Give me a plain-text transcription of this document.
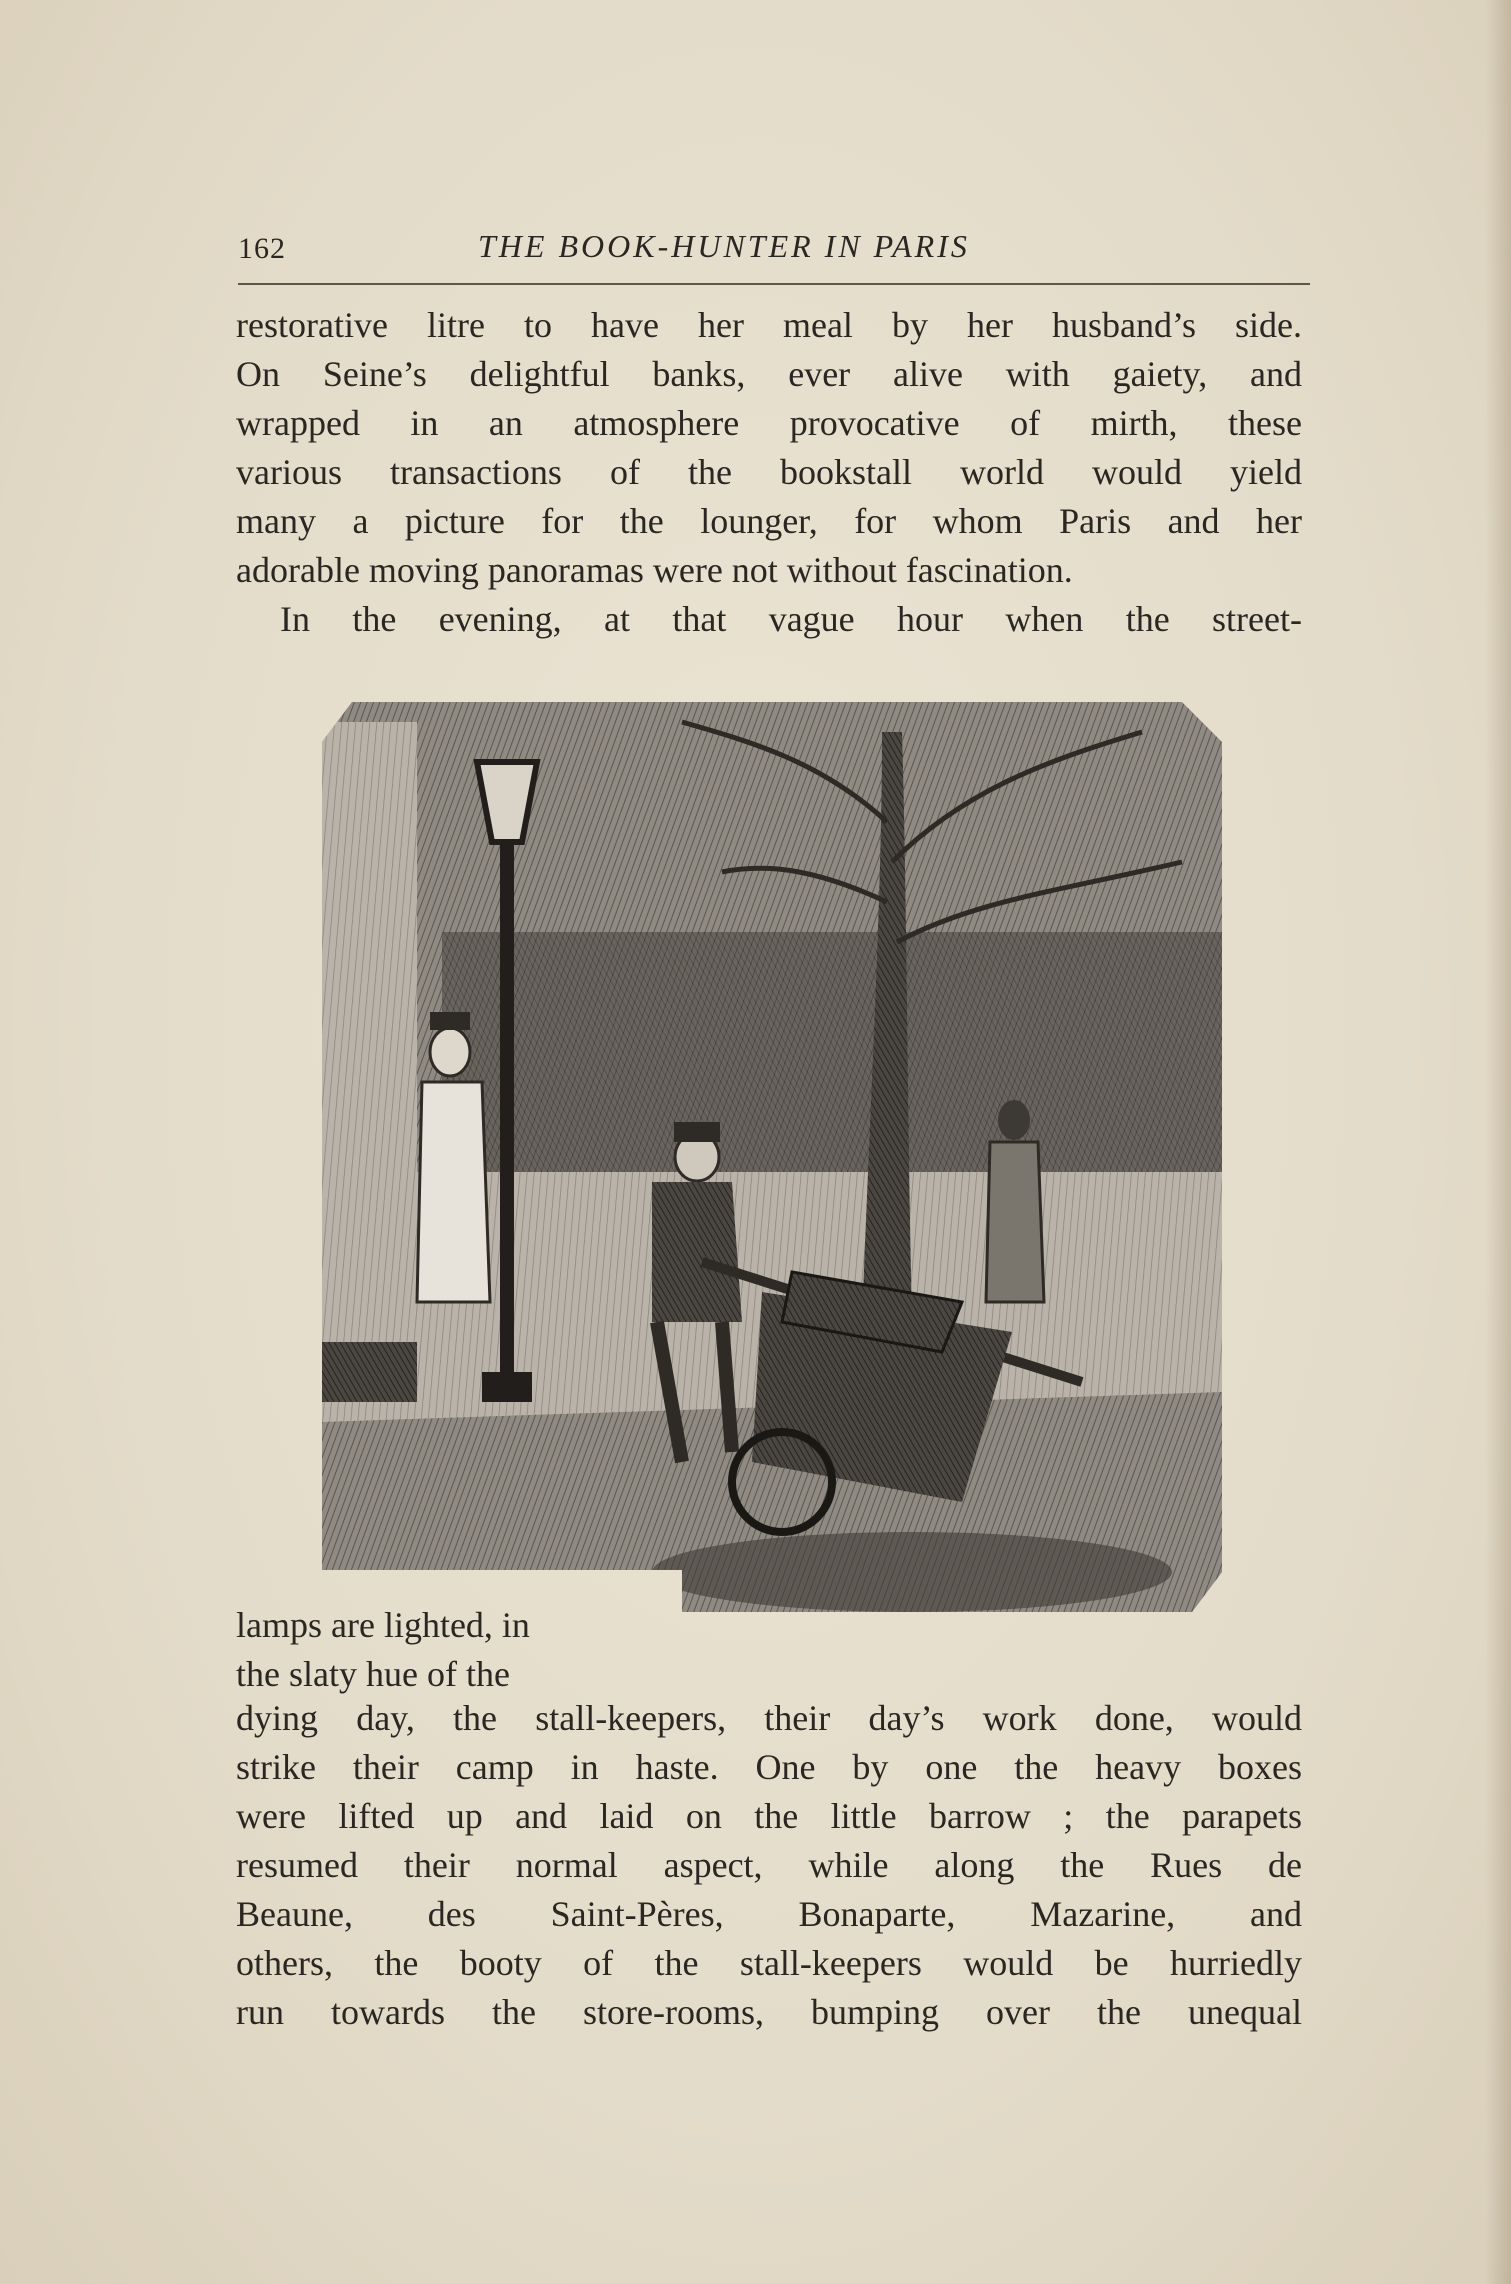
162	THE BOOK-HUNTER IN PARIS
restorative litre to have her meal by her husband’s side.
On Seine’s delightful banks, ever alive with gaiety, and
wrapped in an atmosphere provocative of mirth, these
various transactions of the bookstall world would yield
many a picture for the lounger, for whom Paris and her
adorable moving panoramas were not without fascination.
In the evening, at that vague hour when the street-
lamps are lighted, in
the slaty hue of the
dying day, the stall-keepers, their day’s work done, would
strike their camp in haste. One by one the heavy boxes
were lifted up and laid on the little barrow ; the parapets
resumed their normal aspect, while along the Rues de
Beaune, des Saint-Pères, Bonaparte, Mazarine, and
others, the booty of the stall-keepers would be hurriedly
run towards the store-rooms, bumping over the unequal
